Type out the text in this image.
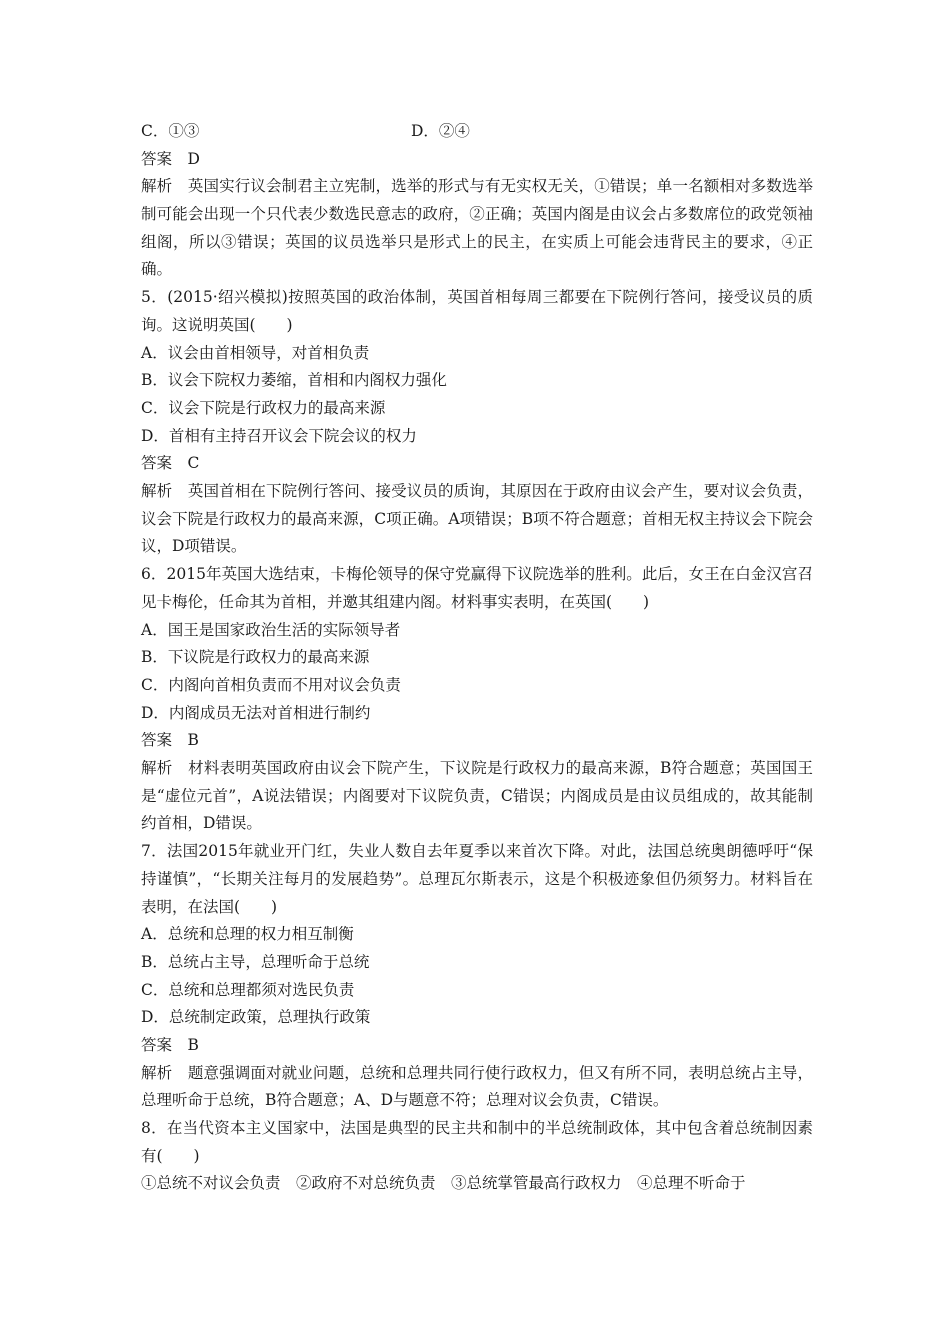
C．①③	D．②④
答案　D
解析　英国实行议会制君主立宪制，选举的形式与有无实权无关，①错误；单一名额相对多数选举制可能会出现一个只代表少数选民意志的政府，②正确；英国内阁是由议会占多数席位的政党领袖组阁，所以③错误；英国的议员选举只是形式上的民主，在实质上可能会违背民主的要求，④正确。
5．(2015·绍兴模拟)按照英国的政治体制，英国首相每周三都要在下院例行答问，接受议员的质询。这说明英国(　　)
A．议会由首相领导，对首相负责
B．议会下院权力萎缩，首相和内阁权力强化
C．议会下院是行政权力的最高来源
D．首相有主持召开议会下院会议的权力
答案　C
解析　英国首相在下院例行答问、接受议员的质询，其原因在于政府由议会产生，要对议会负责，议会下院是行政权力的最高来源，C项正确。A项错误；B项不符合题意；首相无权主持议会下院会议，D项错误。
6．2015年英国大选结束，卡梅伦领导的保守党赢得下议院选举的胜利。此后，女王在白金汉宫召见卡梅伦，任命其为首相，并邀其组建内阁。材料事实表明，在英国(　　)
A．国王是国家政治生活的实际领导者
B．下议院是行政权力的最高来源
C．内阁向首相负责而不用对议会负责
D．内阁成员无法对首相进行制约
答案　B
解析　材料表明英国政府由议会下院产生，下议院是行政权力的最高来源，B符合题意；英国国王是“虚位元首”，A说法错误；内阁要对下议院负责，C错误；内阁成员是由议员组成的，故其能制约首相，D错误。
7．法国2015年就业开门红，失业人数自去年夏季以来首次下降。对此，法国总统奥朗德呼吁“保持谨慎”，“长期关注每月的发展趋势”。总理瓦尔斯表示，这是个积极迹象但仍须努力。材料旨在表明，在法国(　　)
A．总统和总理的权力相互制衡
B．总统占主导，总理听命于总统
C．总统和总理都须对选民负责
D．总统制定政策，总理执行政策
答案　B
解析　题意强调面对就业问题，总统和总理共同行使行政权力，但又有所不同，表明总统占主导，总理听命于总统，B符合题意；A、D与题意不符；总理对议会负责，C错误。
8．在当代资本主义国家中，法国是典型的民主共和制中的半总统制政体，其中包含着总统制因素有(　　)
①总统不对议会负责　②政府不对总统负责　③总统掌管最高行政权力　④总理不听命于
